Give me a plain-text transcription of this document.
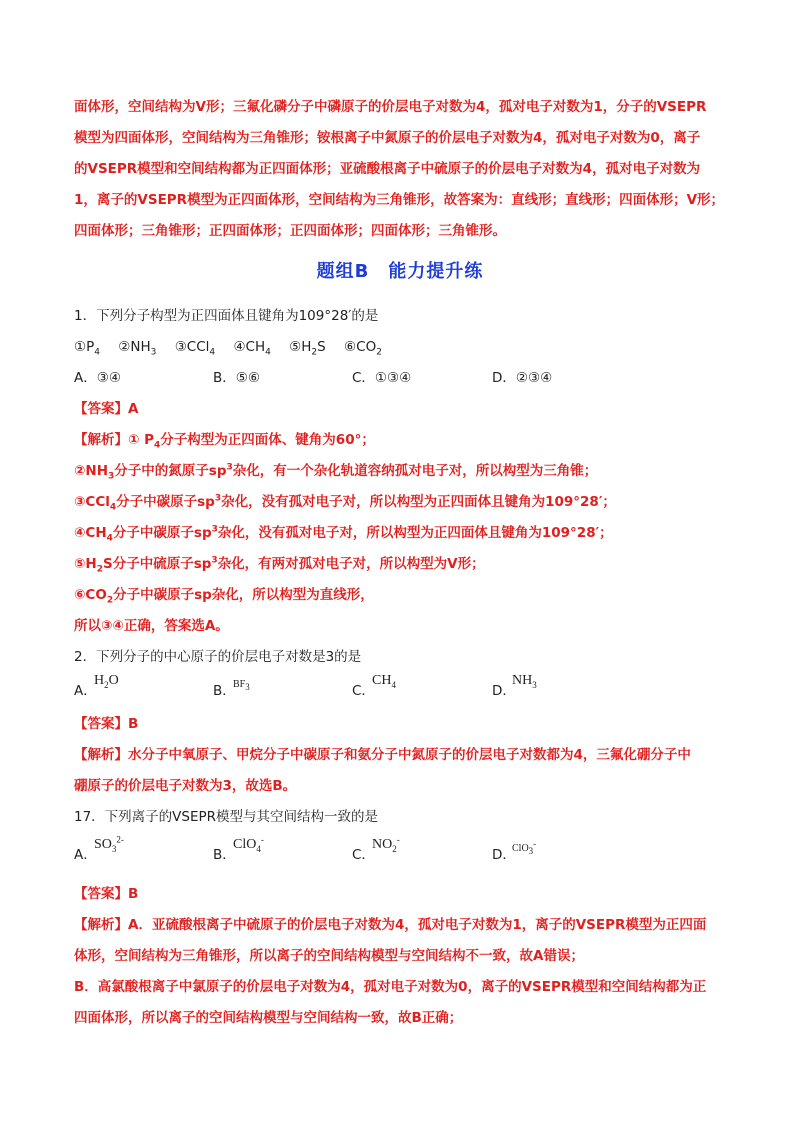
面体形，空间结构为V形；三氟化磷分子中磷原子的价层电子对数为4，孤对电子对数为1，分子的VSEPR
模型为四面体形，空间结构为三角锥形；铵根离子中氮原子的价层电子对数为4，孤对电子对数为0，离子
的VSEPR模型和空间结构都为正四面体形；亚硫酸根离子中硫原子的价层电子对数为4，孤对电子对数为
1，离子的VSEPR模型为正四面体形，空间结构为三角锥形，故答案为：直线形；直线形；四面体形；V形；
四面体形；三角锥形；正四面体形；正四面体形；四面体形；三角锥形。
题组B　能力提升练
1．下列分子构型为正四面体且键角为109°28′的是
$①P_4$ $②NH_3$ ③CCl$_4$ $④CH_4$ $⑤H_2S$ $⑥CO_2$
A．③④	B．⑤⑥	C．①③④	D．②③④
【答案】A
【解析】① $P_4$分子构型为正四面体、键角为60°；
$②NH_3$分子中的氮原子$sp^3$杂化，有一个杂化轨道容纳孤对电子对，所以构型为三角锥；
③CCl$_4$分子中碳原子$sp^3$杂化，没有孤对电子对，所以构型为正四面体且键角为109°28′；
$④CH_4$分子中碳原子$sp^3$杂化，没有孤对电子对，所以构型为正四面体且键角为109°28′；
$⑤H_2S$分子中硫原子$sp^3$杂化，有两对孤对电子对，所以构型为V形；
$⑥CO_2$分子中碳原子sp杂化，所以构型为直线形，
所以③④正确，答案选A。
2．下列分子的中心原子的价层电子对数是3的是
A．
$H_2O$
B．
$BF_3$	C．
$CH_4$	D．
$NH_3$
【答案】B
【解析】水分子中氧原子、甲烷分子中碳原子和氨分子中氮原子的价层电子对数都为4，三氟化硼分子中
硼原子的价层电子对数为3，故选B。
17．下列离子的VSEPR模型与其空间结构一致的是
A．
$SO_3^{2-}$
B．
ClO$_4$-
C．
$NO_2^-$
D．
ClO$_3$-
【答案】B
【解析】A．亚硫酸根离子中硫原子的价层电子对数为4，孤对电子对数为1，离子的VSEPR模型为正四面
体形，空间结构为三角锥形，所以离子的空间结构模型与空间结构不一致，故A错误；
B．高氯酸根离子中氯原子的价层电子对数为4，孤对电子对数为0，离子的VSEPR模型和空间结构都为正
四面体形，所以离子的空间结构模型与空间结构一致，故B正确；
